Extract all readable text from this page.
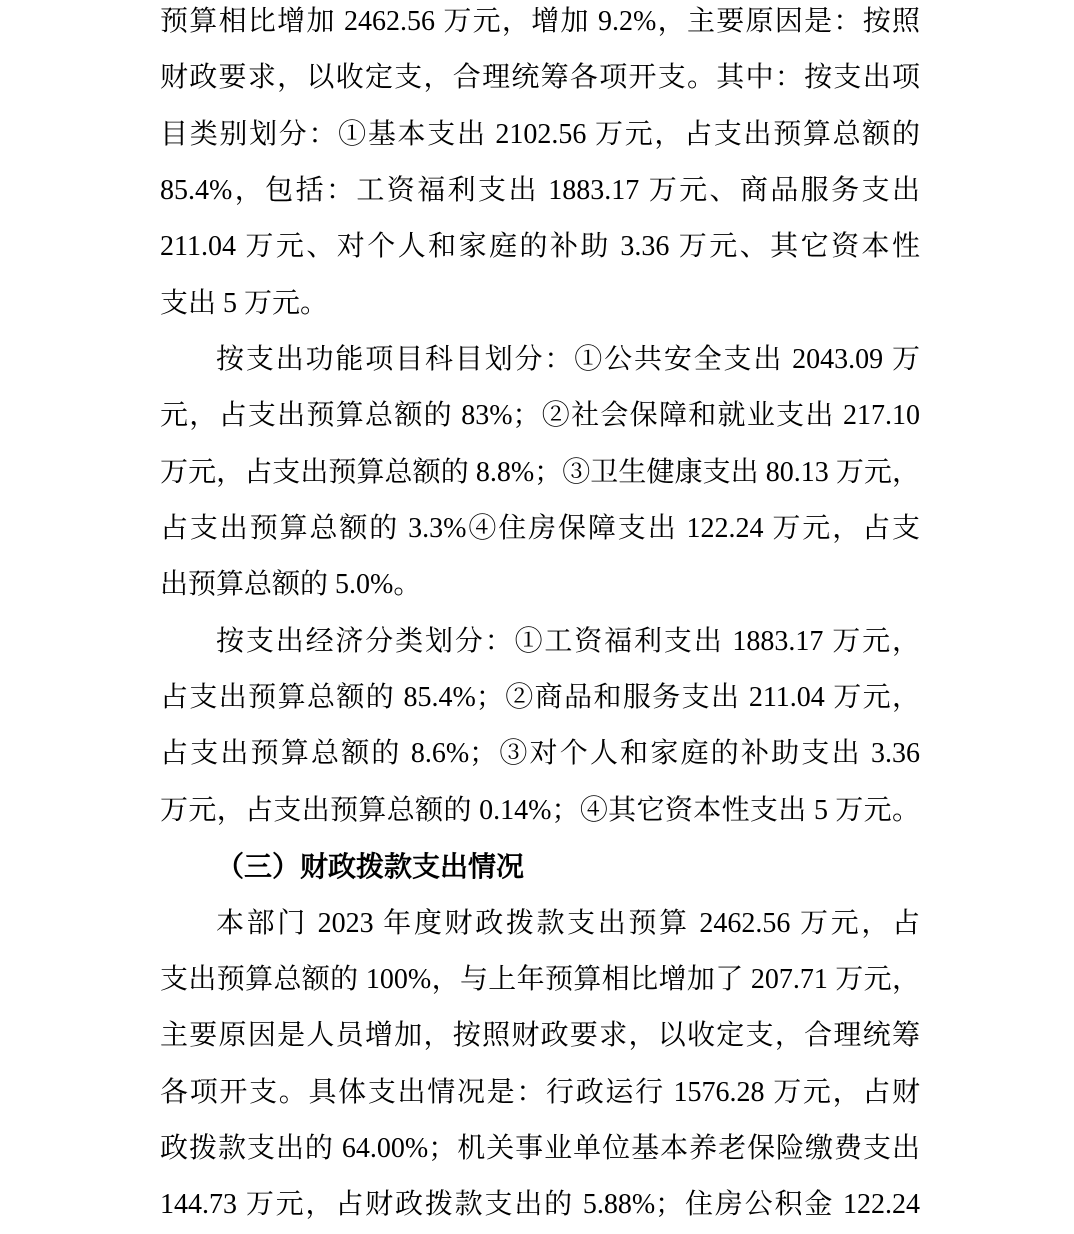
预算相比增加 2462.56 万元，增加 9.2%，主要原因是：按照
财政要求，以收定支，合理统筹各项开支。其中：按支出项
目类别划分：①基本支出 2102.56 万元，占支出预算总额的
85.4%，包括：工资福利支出 1883.17 万元、商品服务支出
211.04 万元、对个人和家庭的补助 3.36 万元、其它资本性
支出 5 万元。
按支出功能项目科目划分：①公共安全支出 2043.09 万
元，占支出预算总额的 83%；②社会保障和就业支出 217.10
万元，占支出预算总额的 8.8%；③卫生健康支出 80.13 万元，
占支出预算总额的 3.3%④住房保障支出 122.24 万元，占支
出预算总额的 5.0%。
按支出经济分类划分：①工资福利支出 1883.17 万元，
占支出预算总额的 85.4%；②商品和服务支出 211.04 万元，
占支出预算总额的 8.6%；③对个人和家庭的补助支出 3.36
万元，占支出预算总额的 0.14%；④其它资本性支出 5 万元。
（三）财政拨款支出情况
本部门 2023 年度财政拨款支出预算 2462.56 万元，占
支出预算总额的 100%，与上年预算相比增加了 207.71 万元，
主要原因是人员增加，按照财政要求，以收定支，合理统筹
各项开支。具体支出情况是：行政运行 1576.28 万元，占财
政拨款支出的 64.00%；机关事业单位基本养老保险缴费支出
144.73 万元，占财政拨款支出的 5.88%；住房公积金 122.24
